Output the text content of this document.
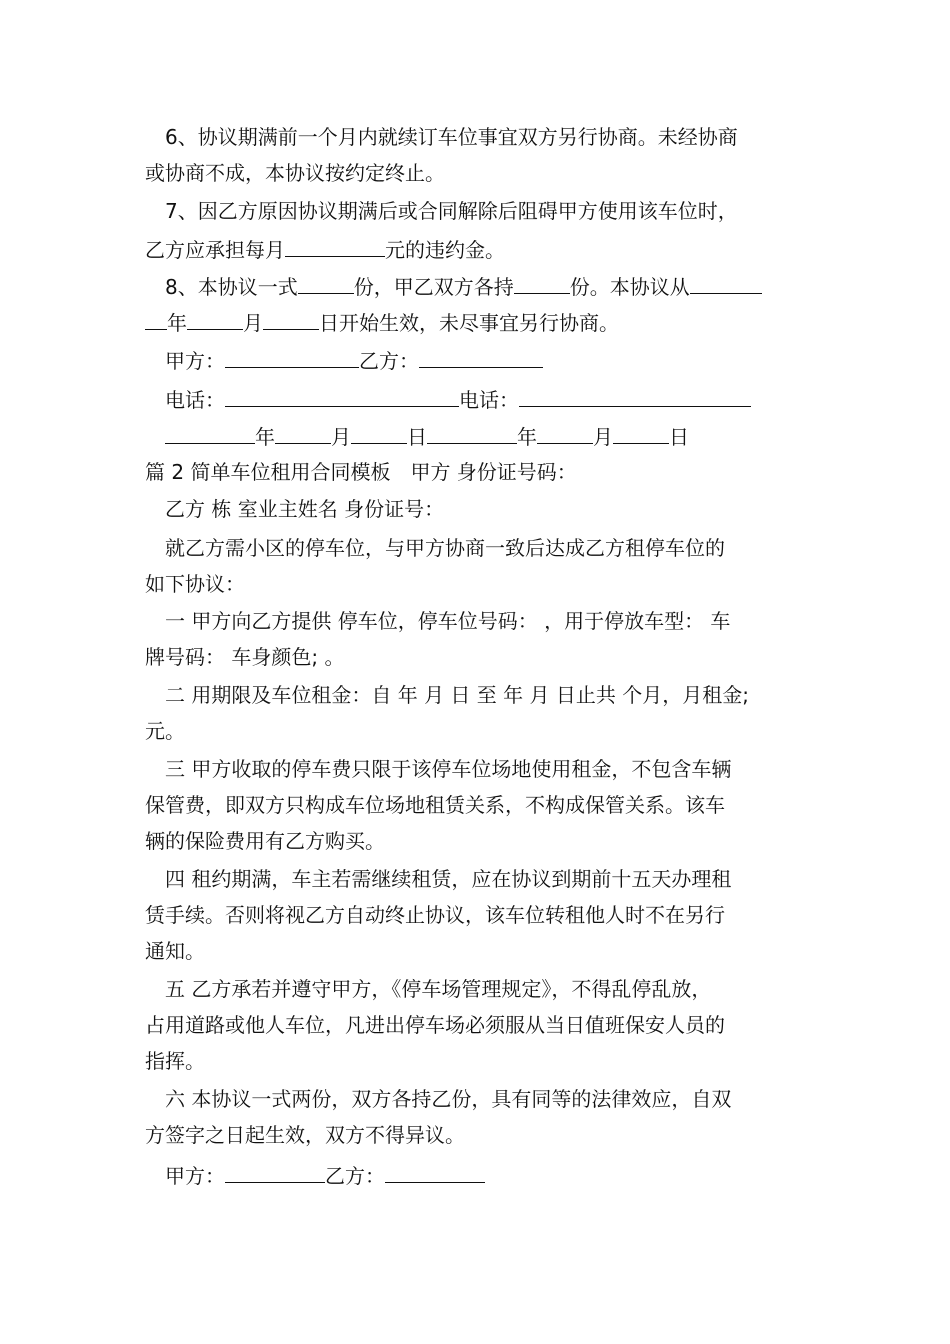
6、协议期满前一个月内就续订车位事宜双方另行协商。未经协商
或协商不成，本协议按约定终止。
7、因乙方原因协议期满后或合同解除后阻碍甲方使用该车位时，
乙方应承担每月	元的违约金。
8、本协议一式	份，甲乙双方各持	份。本协议从
年	月	日开始生效，未尽事宜另行协商。
甲方：	乙方：
电话：	电话：
年	月	日	年	月	日
篇 2 简单车位租用合同模板　甲方 身份证号码：
乙方 栋 室业主姓名 身份证号：
就乙方需小区的停车位，与甲方协商一致后达成乙方租停车位的
如下协议：
一 甲方向乙方提供 停车位，停车位号码： ，用于停放车型： 车
牌号码： 车身颜色; 。
二 用期限及车位租金：自 年 月 日 至 年 月 日止共 个月，月租金;
元。
三 甲方收取的停车费只限于该停车位场地使用租金，不包含车辆
保管费，即双方只构成车位场地租赁关系，不构成保管关系。该车
辆的保险费用有乙方购买。
四 租约期满，车主若需继续租赁，应在协议到期前十五天办理租
赁手续。否则将视乙方自动终止协议，该车位转租他人时不在另行
通知。
五 乙方承若并遵守甲方，《停车场管理规定》，不得乱停乱放，
占用道路或他人车位，凡进出停车场必须服从当日值班保安人员的
指挥。
六 本协议一式两份，双方各持乙份，具有同等的法律效应，自双
方签字之日起生效，双方不得异议。
甲方：	乙方：
